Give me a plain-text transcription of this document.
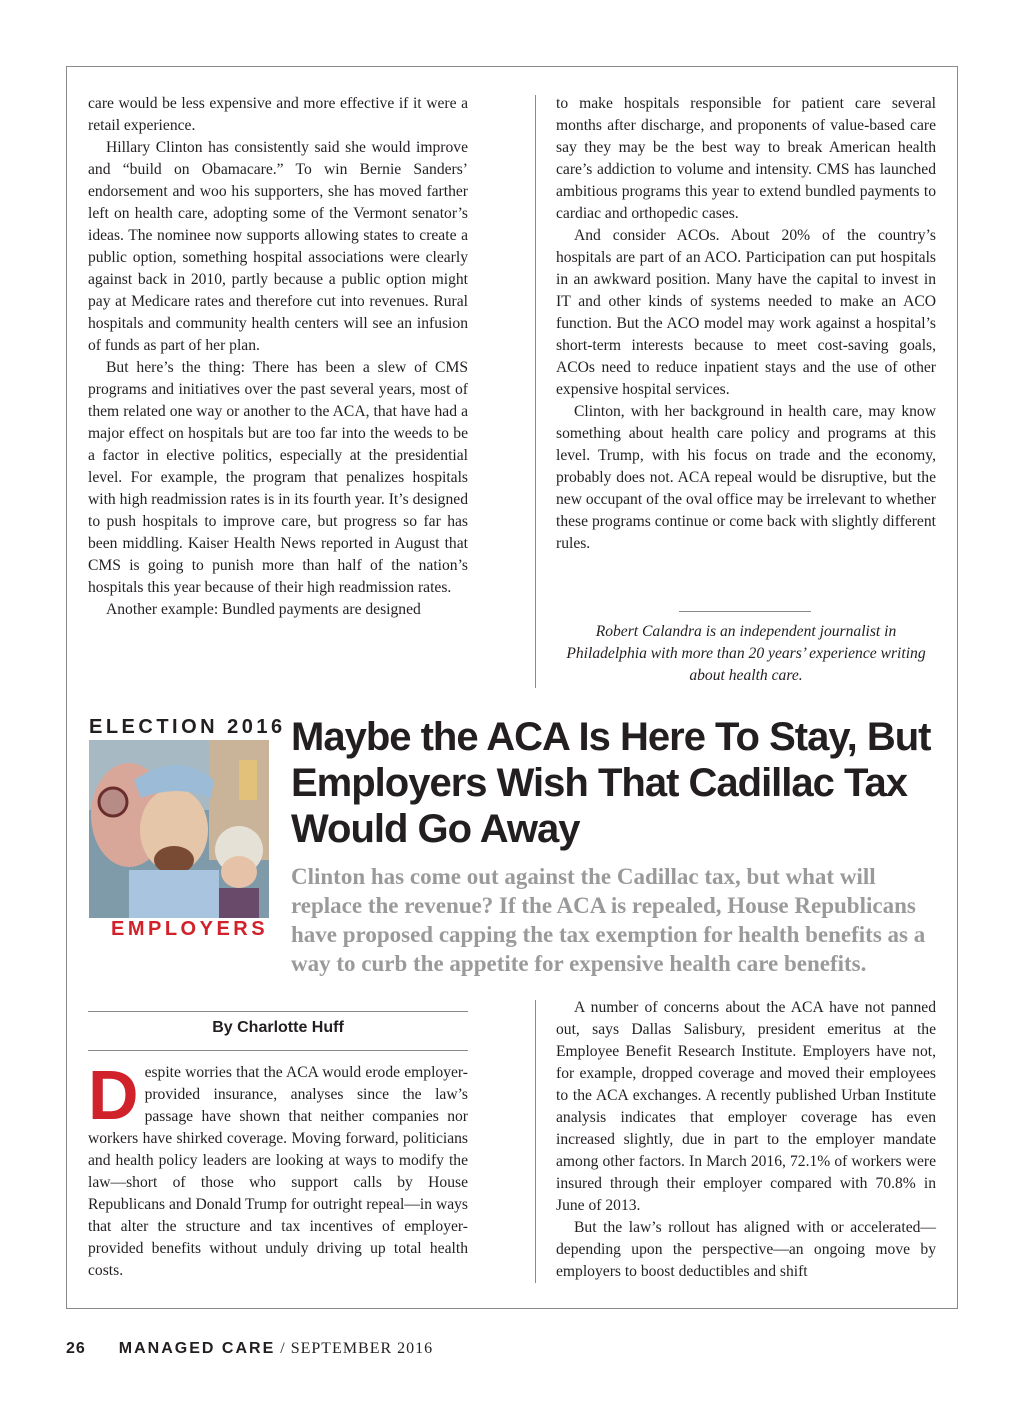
care would be less expensive and more effective if it were a retail experience.

Hillary Clinton has consistently said she would improve and “build on Obamacare.” To win Bernie Sanders’ endorsement and woo his supporters, she has moved farther left on health care, adopting some of the Vermont senator’s ideas. The nominee now supports allowing states to create a public option, something hospital associations were clearly against back in 2010, partly because a public option might pay at Medicare rates and therefore cut into revenues. Rural hospitals and community health centers will see an infusion of funds as part of her plan.

But here’s the thing: There has been a slew of CMS programs and initiatives over the past several years, most of them related one way or another to the ACA, that have had a major effect on hospitals but are too far into the weeds to be a factor in elective politics, especially at the presidential level. For example, the program that penalizes hospitals with high readmission rates is in its fourth year. It’s designed to push hospitals to improve care, but progress so far has been middling. Kaiser Health News reported in August that CMS is going to punish more than half of the nation’s hospitals this year because of their high readmission rates.

Another example: Bundled payments are designed

to make hospitals responsible for patient care several months after discharge, and proponents of value-based care say they may be the best way to break American health care’s addiction to volume and intensity. CMS has launched ambitious programs this year to extend bundled payments to cardiac and orthopedic cases.

And consider ACOs. About 20% of the country’s hospitals are part of an ACO. Participation can put hospitals in an awkward position. Many have the capital to invest in IT and other kinds of systems needed to make an ACO function. But the ACO model may work against a hospital’s short-term interests because to meet cost-saving goals, ACOs need to reduce inpatient stays and the use of other expensive hospital services.

Clinton, with her background in health care, may know something about health care policy and programs at this level. Trump, with his focus on trade and the economy, probably does not. ACA repeal would be disruptive, but the new occupant of the oval office may be irrelevant to whether these programs continue or come back with slightly different rules.

Robert Calandra is an independent journalist in Philadelphia with more than 20 years’ experience writing about health care.
ELECTION 2016
EMPLOYERS
Maybe the ACA Is Here To Stay, But Employers Wish That Cadillac Tax Would Go Away
Clinton has come out against the Cadillac tax, but what will replace the revenue? If the ACA is repealed, House Republicans have proposed capping the tax exemption for health benefits as a way to curb the appetite for expensive health care benefits.
By Charlotte Huff

Despite worries that the ACA would erode employer-provided insurance, analyses since the law’s passage have shown that neither companies nor workers have shirked coverage. Moving forward, politicians and health policy leaders are looking at ways to modify the law—short of those who support calls by House Republicans and Donald Trump for outright repeal—in ways that alter the structure and tax incentives of employer-provided benefits without unduly driving up total health costs.

A number of concerns about the ACA have not panned out, says Dallas Salisbury, president emeritus at the Employee Benefit Research Institute. Employers have not, for example, dropped coverage and moved their employees to the ACA exchanges. A recently published Urban Institute analysis indicates that employer coverage has even increased slightly, due in part to the employer mandate among other factors. In March 2016, 72.1% of workers were insured through their employer compared with 70.8% in June of 2013.

But the law’s rollout has aligned with or accelerated—depending upon the perspective—an ongoing move by employers to boost deductibles and shift

26 MANAGED CARE / SEPTEMBER 2016
